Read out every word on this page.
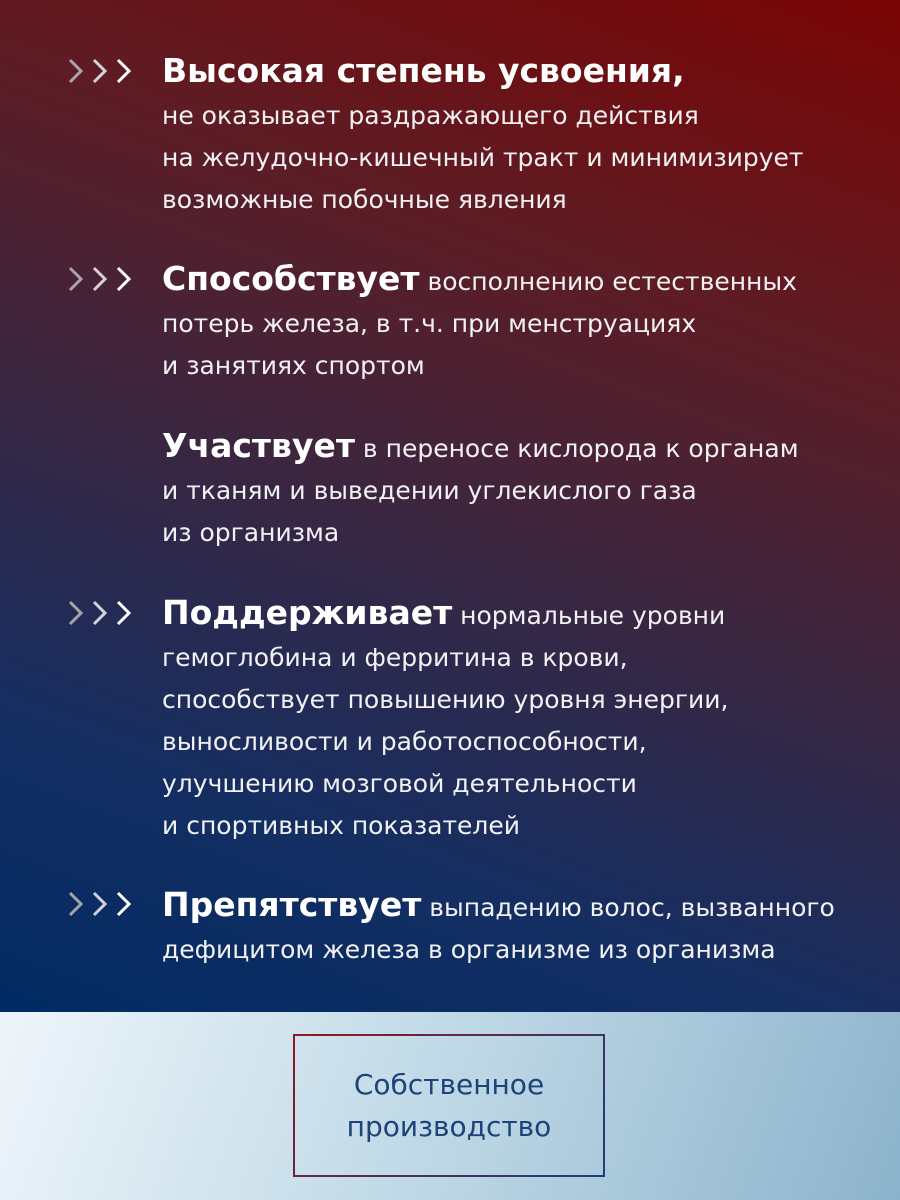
Высокая степень усвоения,
не оказывает раздражающего действия
на желудочно-кишечный тракт и минимизирует
возможные побочные явления
Способствует восполнению естественных
потерь железа, в т.ч. при менструациях
и занятиях спортом
Участвует в переносе кислорода к органам
и тканям и выведении углекислого газа
из организма
Поддерживает нормальные уровни
гемоглобина и ферритина в крови,
способствует повышению уровня энергии,
выносливости и работоспособности,
улучшению мозговой деятельности
и спортивных показателей
Препятствует выпадению волос, вызванного
дефицитом железа в организме из организма
Собственное
производство
